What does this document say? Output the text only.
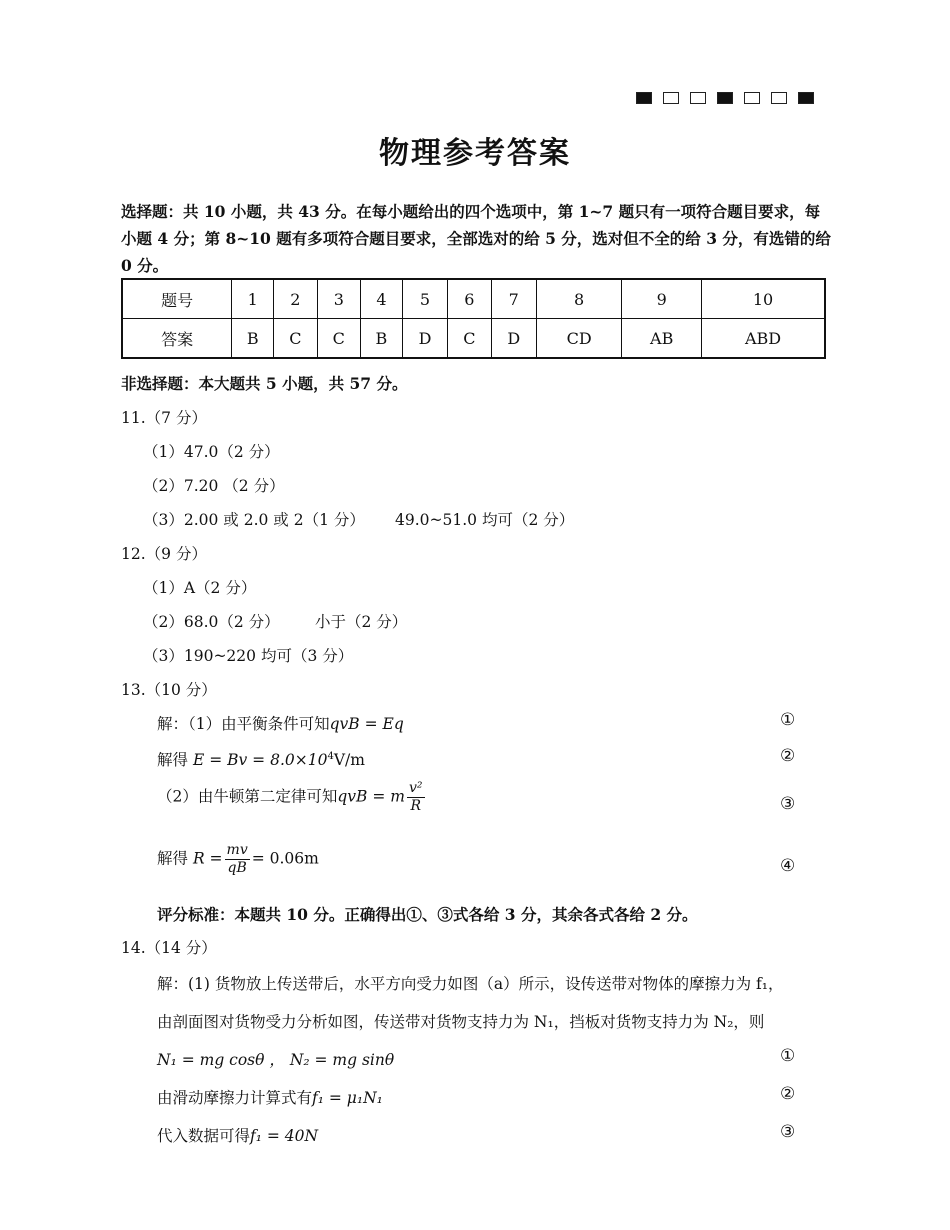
物理参考答案
选择题：共 10 小题，共 43 分。在每小题给出的四个选项中，第 1~7 题只有一项符合题目要求，每小题 4 分；第 8~10 题有多项符合题目要求，全部选对的给 5 分，选对但不全的给 3 分，有选错的给 0 分。
题号	1	2	3	4	5	6	7	8	9	10
答案	B	C	C	B	D	C	D	CD	AB	ABD
非选择题：本大题共 5 小题，共 57 分。
11.（7 分）
（1）47.0（2 分）
（2）7.20 （2 分）
（3）2.00 或 2.0 或 2（1 分） 49.0~51.0 均可（2 分）
12.（9 分）
（1）A（2 分）
（2）68.0（2 分） 小于（2 分）
（3）190~220 均可（3 分）
13.（10 分）
解：（1）由平衡条件可知qvB = Eq	①
解得 $E = Bv = 8.0\times 10^4V/m$	②
（2）由牛顿第二定律可知qvB = m $\frac{\text{v²}}{R}$	③
解得 $R = \frac{mv}{qB} = 0.06m$	④
评分标准：本题共 10 分。正确得出①、③式各给 3 分，其余各式各给 2 分。
14.（14 分）
解：(1) 货物放上传送带后，水平方向受力如图（a）所示，设传送带对物体的摩擦力为 f₁，
由剖面图对货物受力分析如图，传送带对货物支持力为 N₁，挡板对货物支持力为 N₂，则
N₁ = mg cosθ ， N₂ = mg sinθ	①
由滑动摩擦力计算式有f₁ = μ₁N₁	②
代入数据可得f₁ = 40N	③
